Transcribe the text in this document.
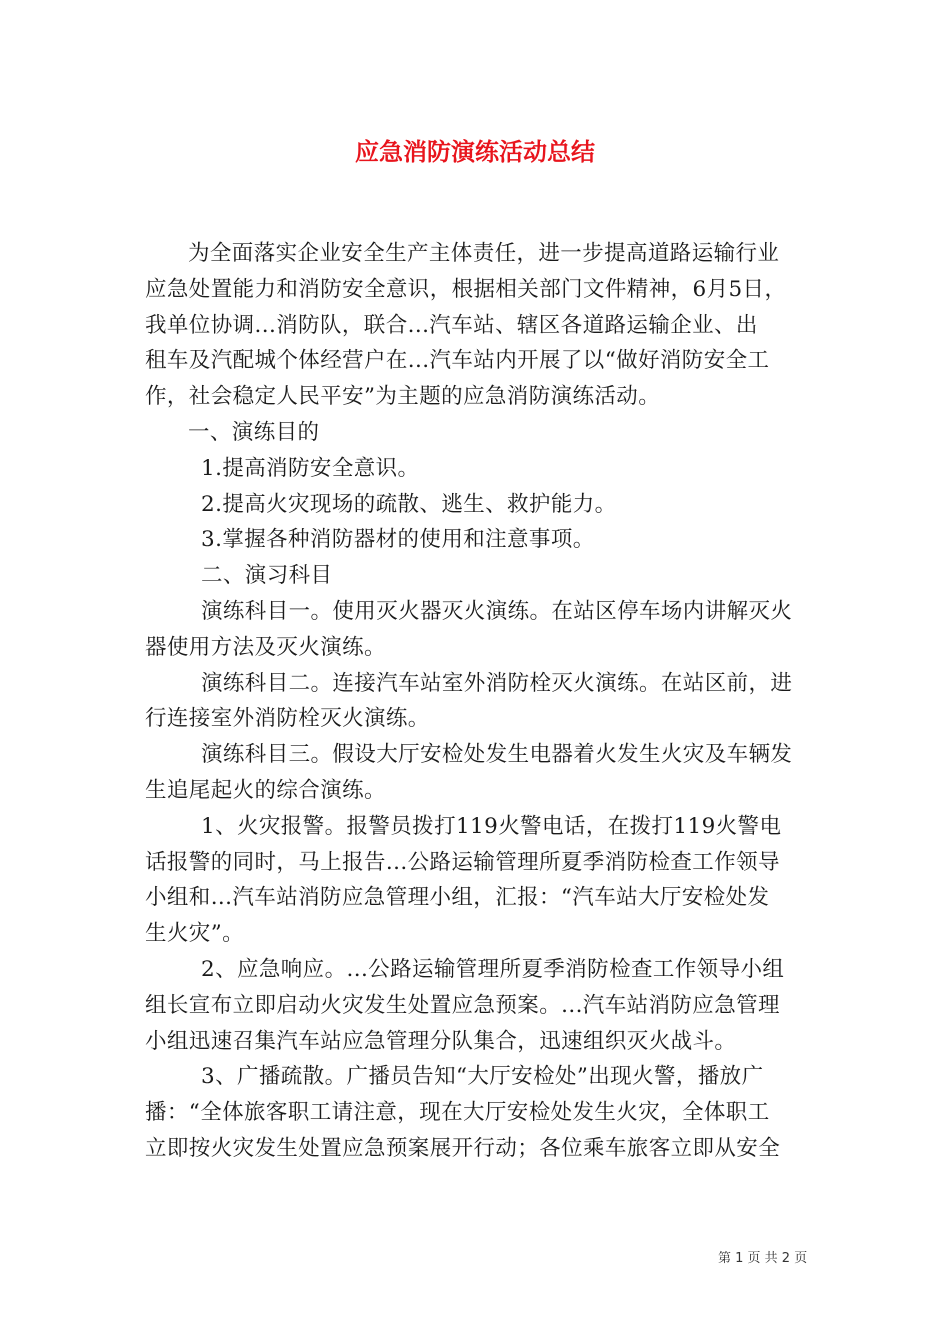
应急消防演练活动总结
为全面落实企业安全生产主体责任，进一步提高道路运输行业
应急处置能力和消防安全意识，根据相关部门文件精神，6月5日，
我单位协调...消防队，联合...汽车站、辖区各道路运输企业、出
租车及汽配城个体经营户在...汽车站内开展了以“做好消防安全工
作，社会稳定人民平安”为主题的应急消防演练活动。
一、演练目的
1.提高消防安全意识。
2.提高火灾现场的疏散、逃生、救护能力。
3.掌握各种消防器材的使用和注意事项。
二、演习科目
演练科目一。使用灭火器灭火演练。在站区停车场内讲解灭火
器使用方法及灭火演练。
演练科目二。连接汽车站室外消防栓灭火演练。在站区前，进
行连接室外消防栓灭火演练。
演练科目三。假设大厅安检处发生电器着火发生火灾及车辆发
生追尾起火的综合演练。
1、火灾报警。报警员拨打119火警电话，在拨打119火警电
话报警的同时，马上报告...公路运输管理所夏季消防检查工作领导
小组和...汽车站消防应急管理小组，汇报：“汽车站大厅安检处发
生火灾”。
2、应急响应。...公路运输管理所夏季消防检查工作领导小组
组长宣布立即启动火灾发生处置应急预案。...汽车站消防应急管理
小组迅速召集汽车站应急管理分队集合，迅速组织灭火战斗。
3、广播疏散。广播员告知“大厅安检处”出现火警，播放广
播：“全体旅客职工请注意，现在大厅安检处发生火灾，全体职工
立即按火灾发生处置应急预案展开行动；各位乘车旅客立即从安全
第 1 页 共 2 页
